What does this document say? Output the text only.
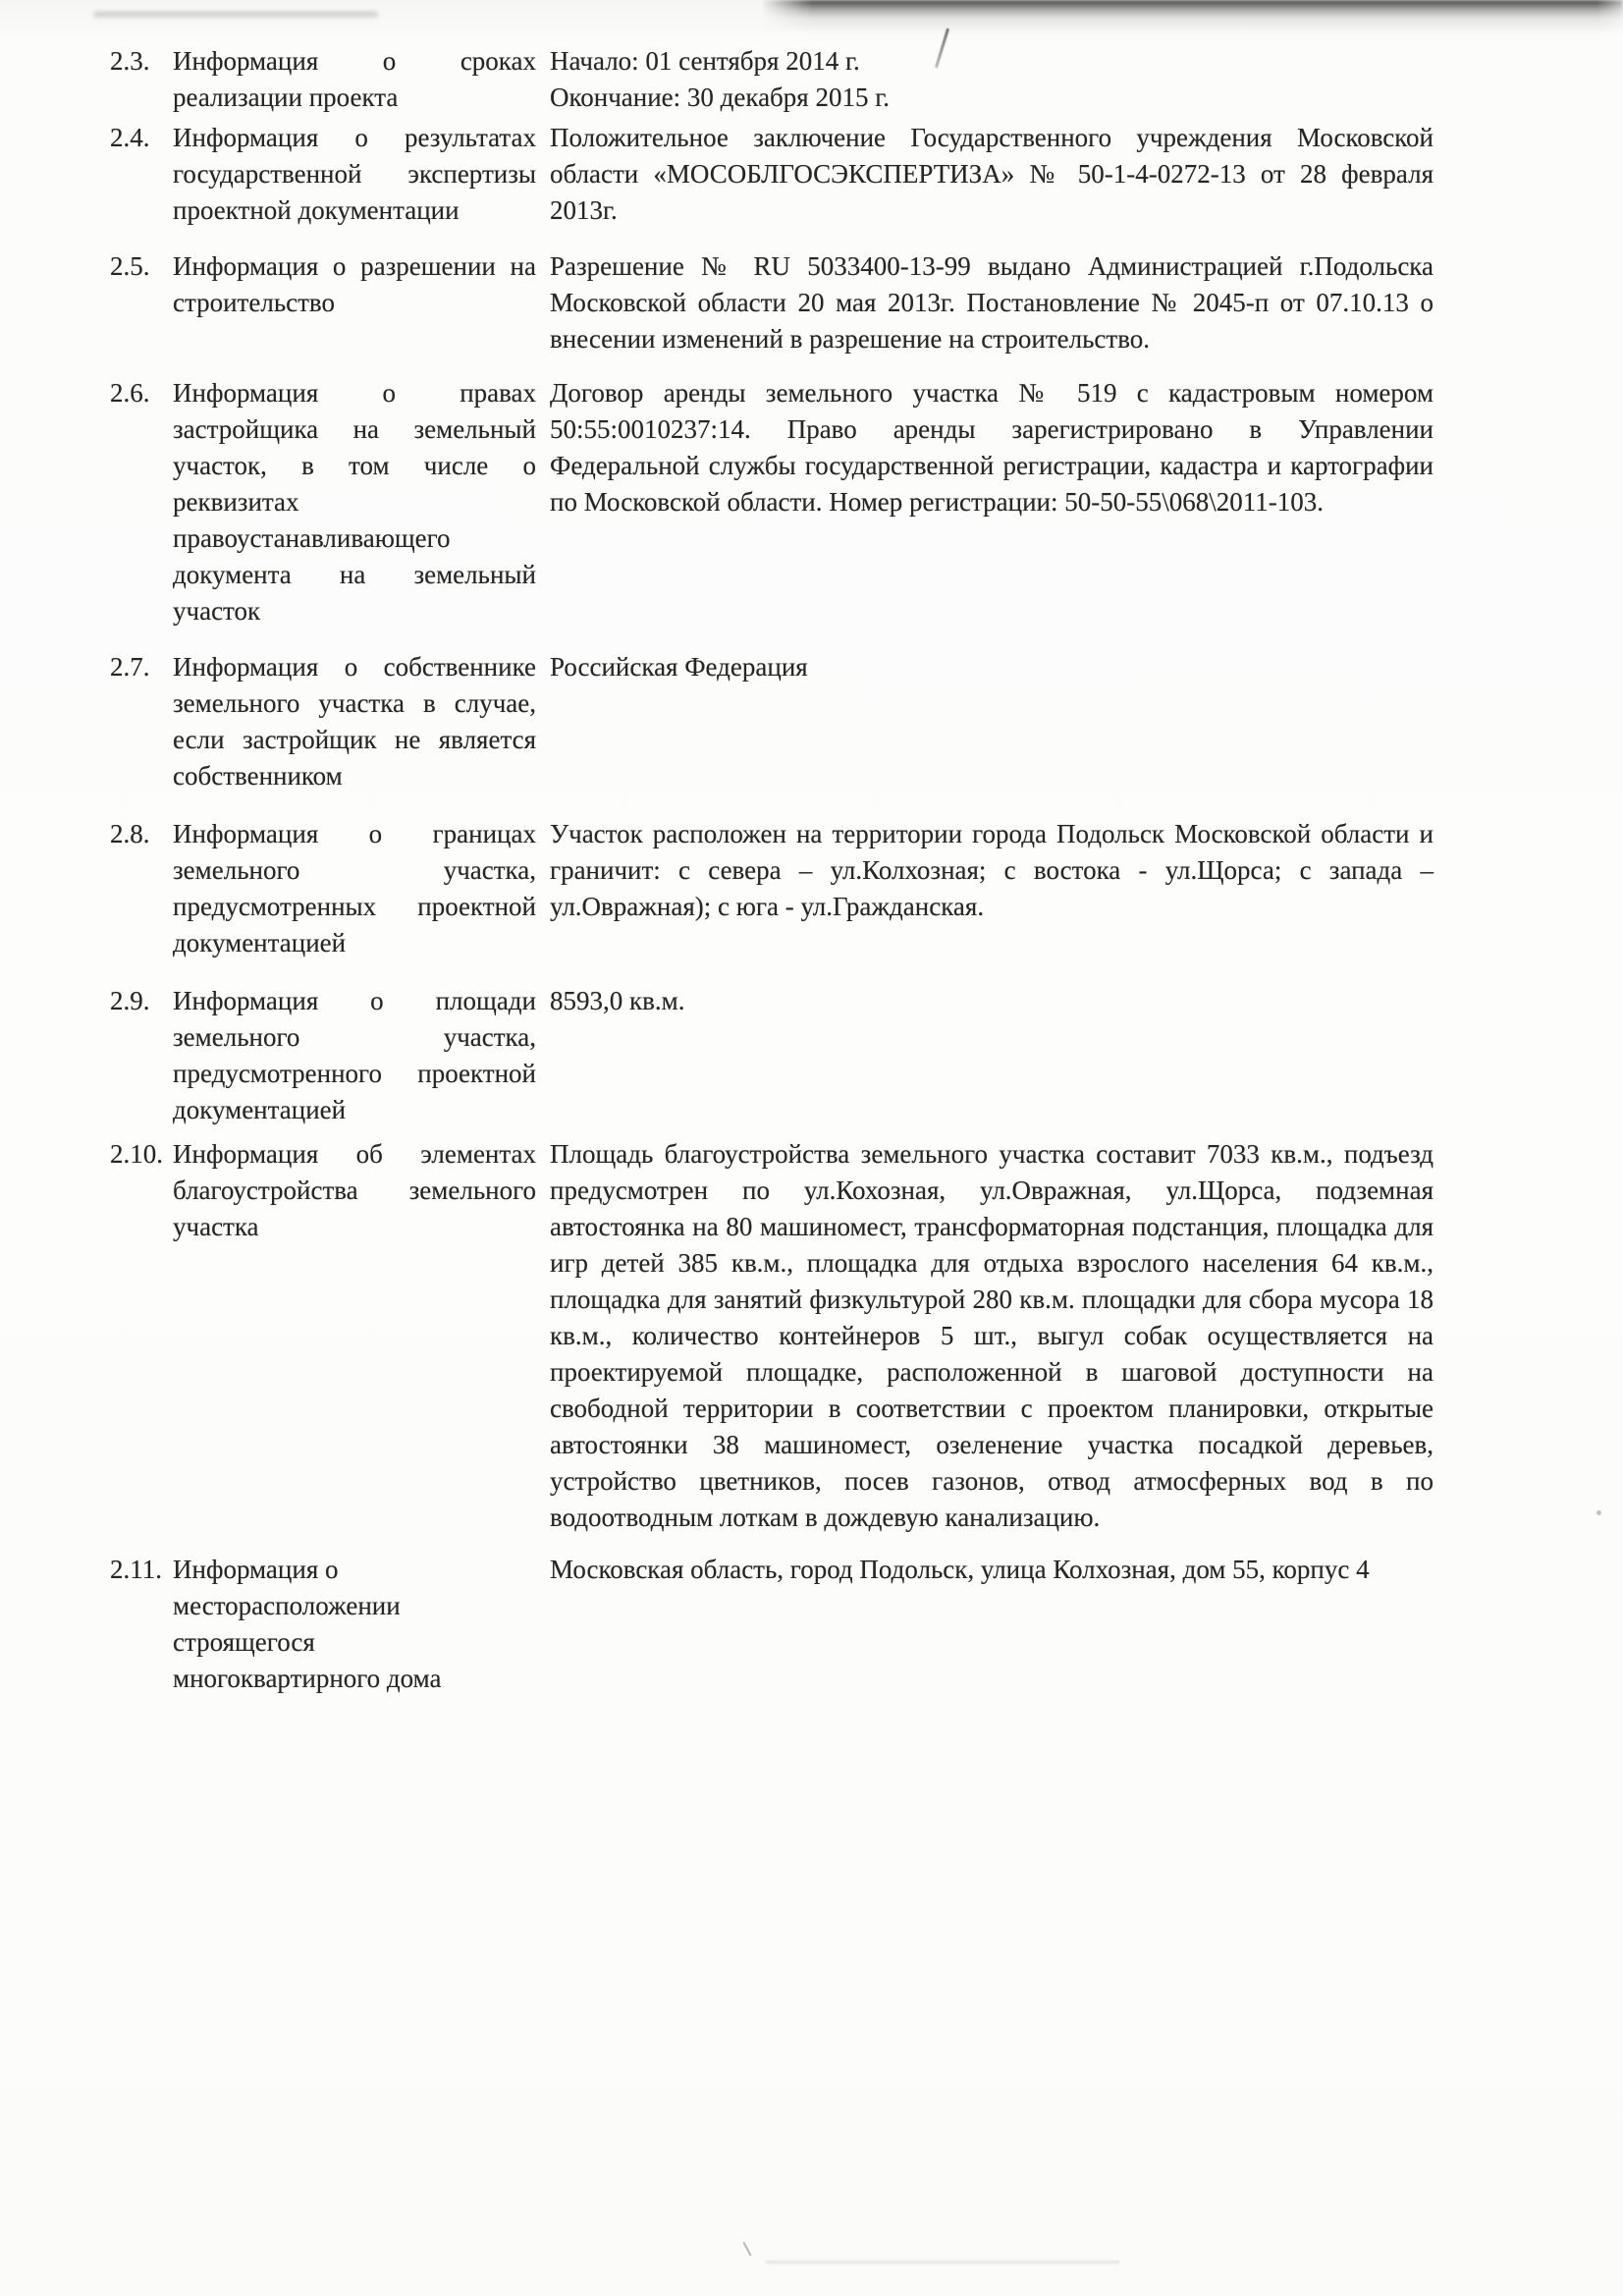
2.3. Информация о сроках реализации проекта
Начало: 01 сентября 2014 г.
Окончание: 30 декабря 2015 г.
2.4. Информация о результатах государственной экспертизы проектной документации
Положительное заключение Государственного учреждения Московской области «МОСОБЛГОСЭКСПЕРТИЗА» № 50-1-4-0272-13 от 28 февраля 2013г.
2.5. Информация о разрешении на строительство
Разрешение № RU 5033400-13-99 выдано Администрацией г.Подольска Московской области 20 мая 2013г. Постановление № 2045-п от 07.10.13 о внесении изменений в разрешение на строительство.
2.6. Информация о правах застройщика на земельный участок, в том числе о реквизитах правоустанавливающего документа на земельный участок
Договор аренды земельного участка № 519 с кадастровым номером 50:55:0010237:14. Право аренды зарегистрировано в Управлении Федеральной службы государственной регистрации, кадастра и картографии по Московской области. Номер регистрации: 50-50-55\068\2011-103.
2.7. Информация о собственнике земельного участка в случае, если застройщик не является собственником
Российская Федерация
2.8. Информация о границах земельного участка, предусмотренных проектной документацией
Участок расположен на территории города Подольск Московской области и граничит: с севера – ул.Колхозная; с востока - ул.Щорса; с запада – ул.Овражная); с юга - ул.Гражданская.
2.9. Информация о площади земельного участка, предусмотренного проектной документацией
8593,0 кв.м.
2.10. Информация об элементах благоустройства земельного участка
Площадь благоустройства земельного участка составит 7033 кв.м., подъезд предусмотрен по ул.Кохозная, ул.Овражная, ул.Щорса, подземная автостоянка на 80 машиномест, трансформаторная подстанция, площадка для игр детей 385 кв.м., площадка для отдыха взрослого населения 64 кв.м., площадка для занятий физкультурой 280 кв.м. площадки для сбора мусора 18 кв.м., количество контейнеров 5 шт., выгул собак осуществляется на проектируемой площадке, расположенной в шаговой доступности на свободной территории в соответствии с проектом планировки, открытые автостоянки 38 машиномест, озеленение участка посадкой деревьев, устройство цветников, посев газонов, отвод атмосферных вод в по водоотводным лоткам в дождевую канализацию.
2.11. Информация о месторасположении строящегося многоквартирного дома
Московская область, город Подольск, улица Колхозная, дом 55, корпус 4
